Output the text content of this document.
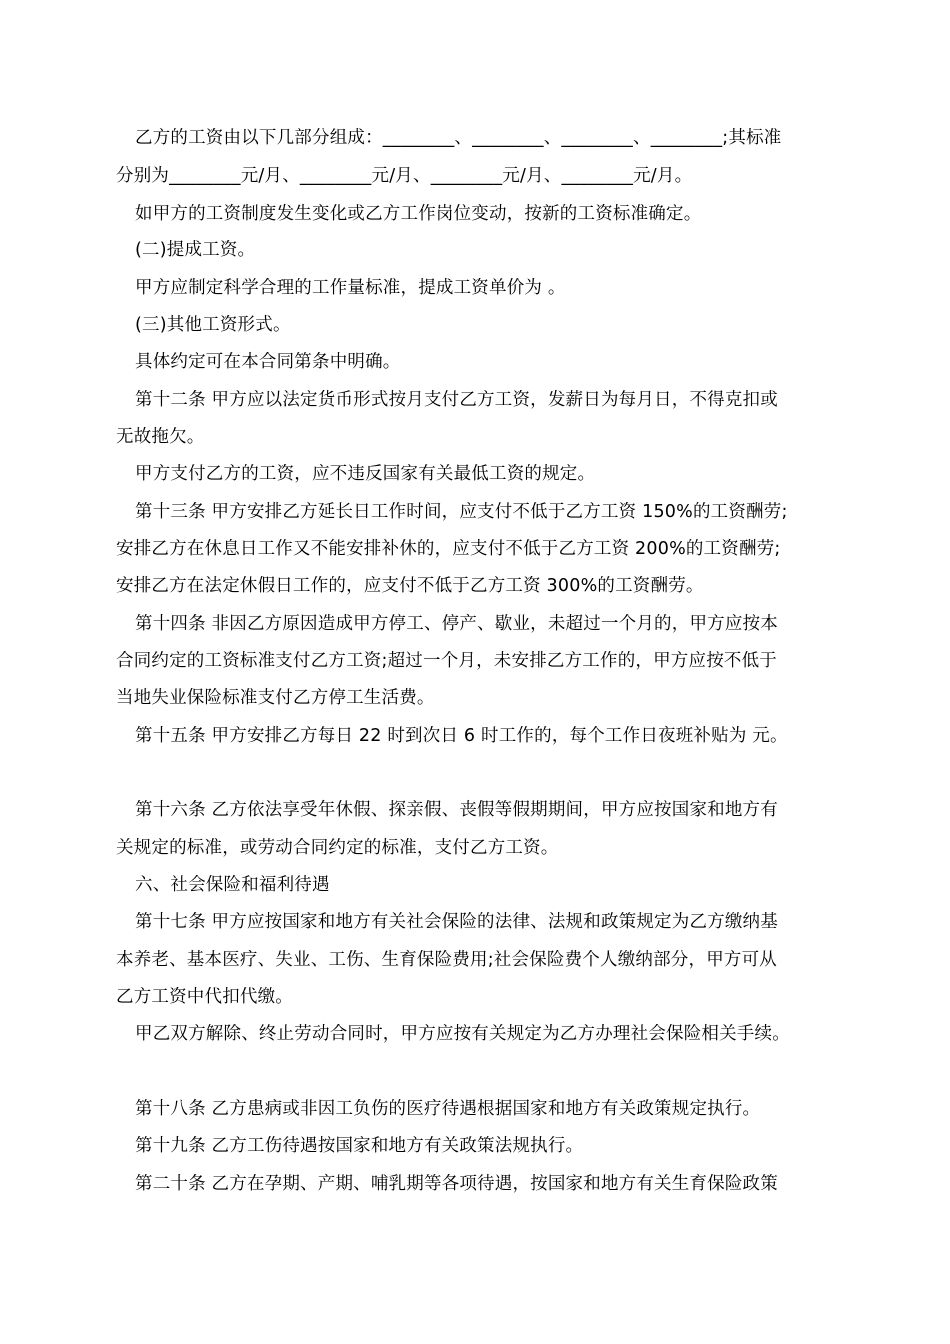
乙方的工资由以下几部分组成：________、________、________、________;其标准
分别为________元/月、________元/月、________元/月、________元/月。
如甲方的工资制度发生变化或乙方工作岗位变动，按新的工资标准确定。
(二)提成工资。
甲方应制定科学合理的工作量标准，提成工资单价为 。
(三)其他工资形式。
具体约定可在本合同第条中明确。
第十二条 甲方应以法定货币形式按月支付乙方工资，发薪日为每月日，不得克扣或
无故拖欠。
甲方支付乙方的工资，应不违反国家有关最低工资的规定。
第十三条 甲方安排乙方延长日工作时间，应支付不低于乙方工资 150%的工资酬劳;
安排乙方在休息日工作又不能安排补休的，应支付不低于乙方工资 200%的工资酬劳;
安排乙方在法定休假日工作的，应支付不低于乙方工资 300%的工资酬劳。
第十四条 非因乙方原因造成甲方停工、停产、歇业，未超过一个月的，甲方应按本
合同约定的工资标准支付乙方工资;超过一个月，未安排乙方工作的，甲方应按不低于
当地失业保险标准支付乙方停工生活费。
第十五条 甲方安排乙方每日 22 时到次日 6 时工作的，每个工作日夜班补贴为 元。
第十六条 乙方依法享受年休假、探亲假、丧假等假期期间，甲方应按国家和地方有
关规定的标准，或劳动合同约定的标准，支付乙方工资。
六、社会保险和福利待遇
第十七条 甲方应按国家和地方有关社会保险的法律、法规和政策规定为乙方缴纳基
本养老、基本医疗、失业、工伤、生育保险费用;社会保险费个人缴纳部分，甲方可从
乙方工资中代扣代缴。
甲乙双方解除、终止劳动合同时，甲方应按有关规定为乙方办理社会保险相关手续。
第十八条 乙方患病或非因工负伤的医疗待遇根据国家和地方有关政策规定执行。
第十九条 乙方工伤待遇按国家和地方有关政策法规执行。
第二十条 乙方在孕期、产期、哺乳期等各项待遇，按国家和地方有关生育保险政策
